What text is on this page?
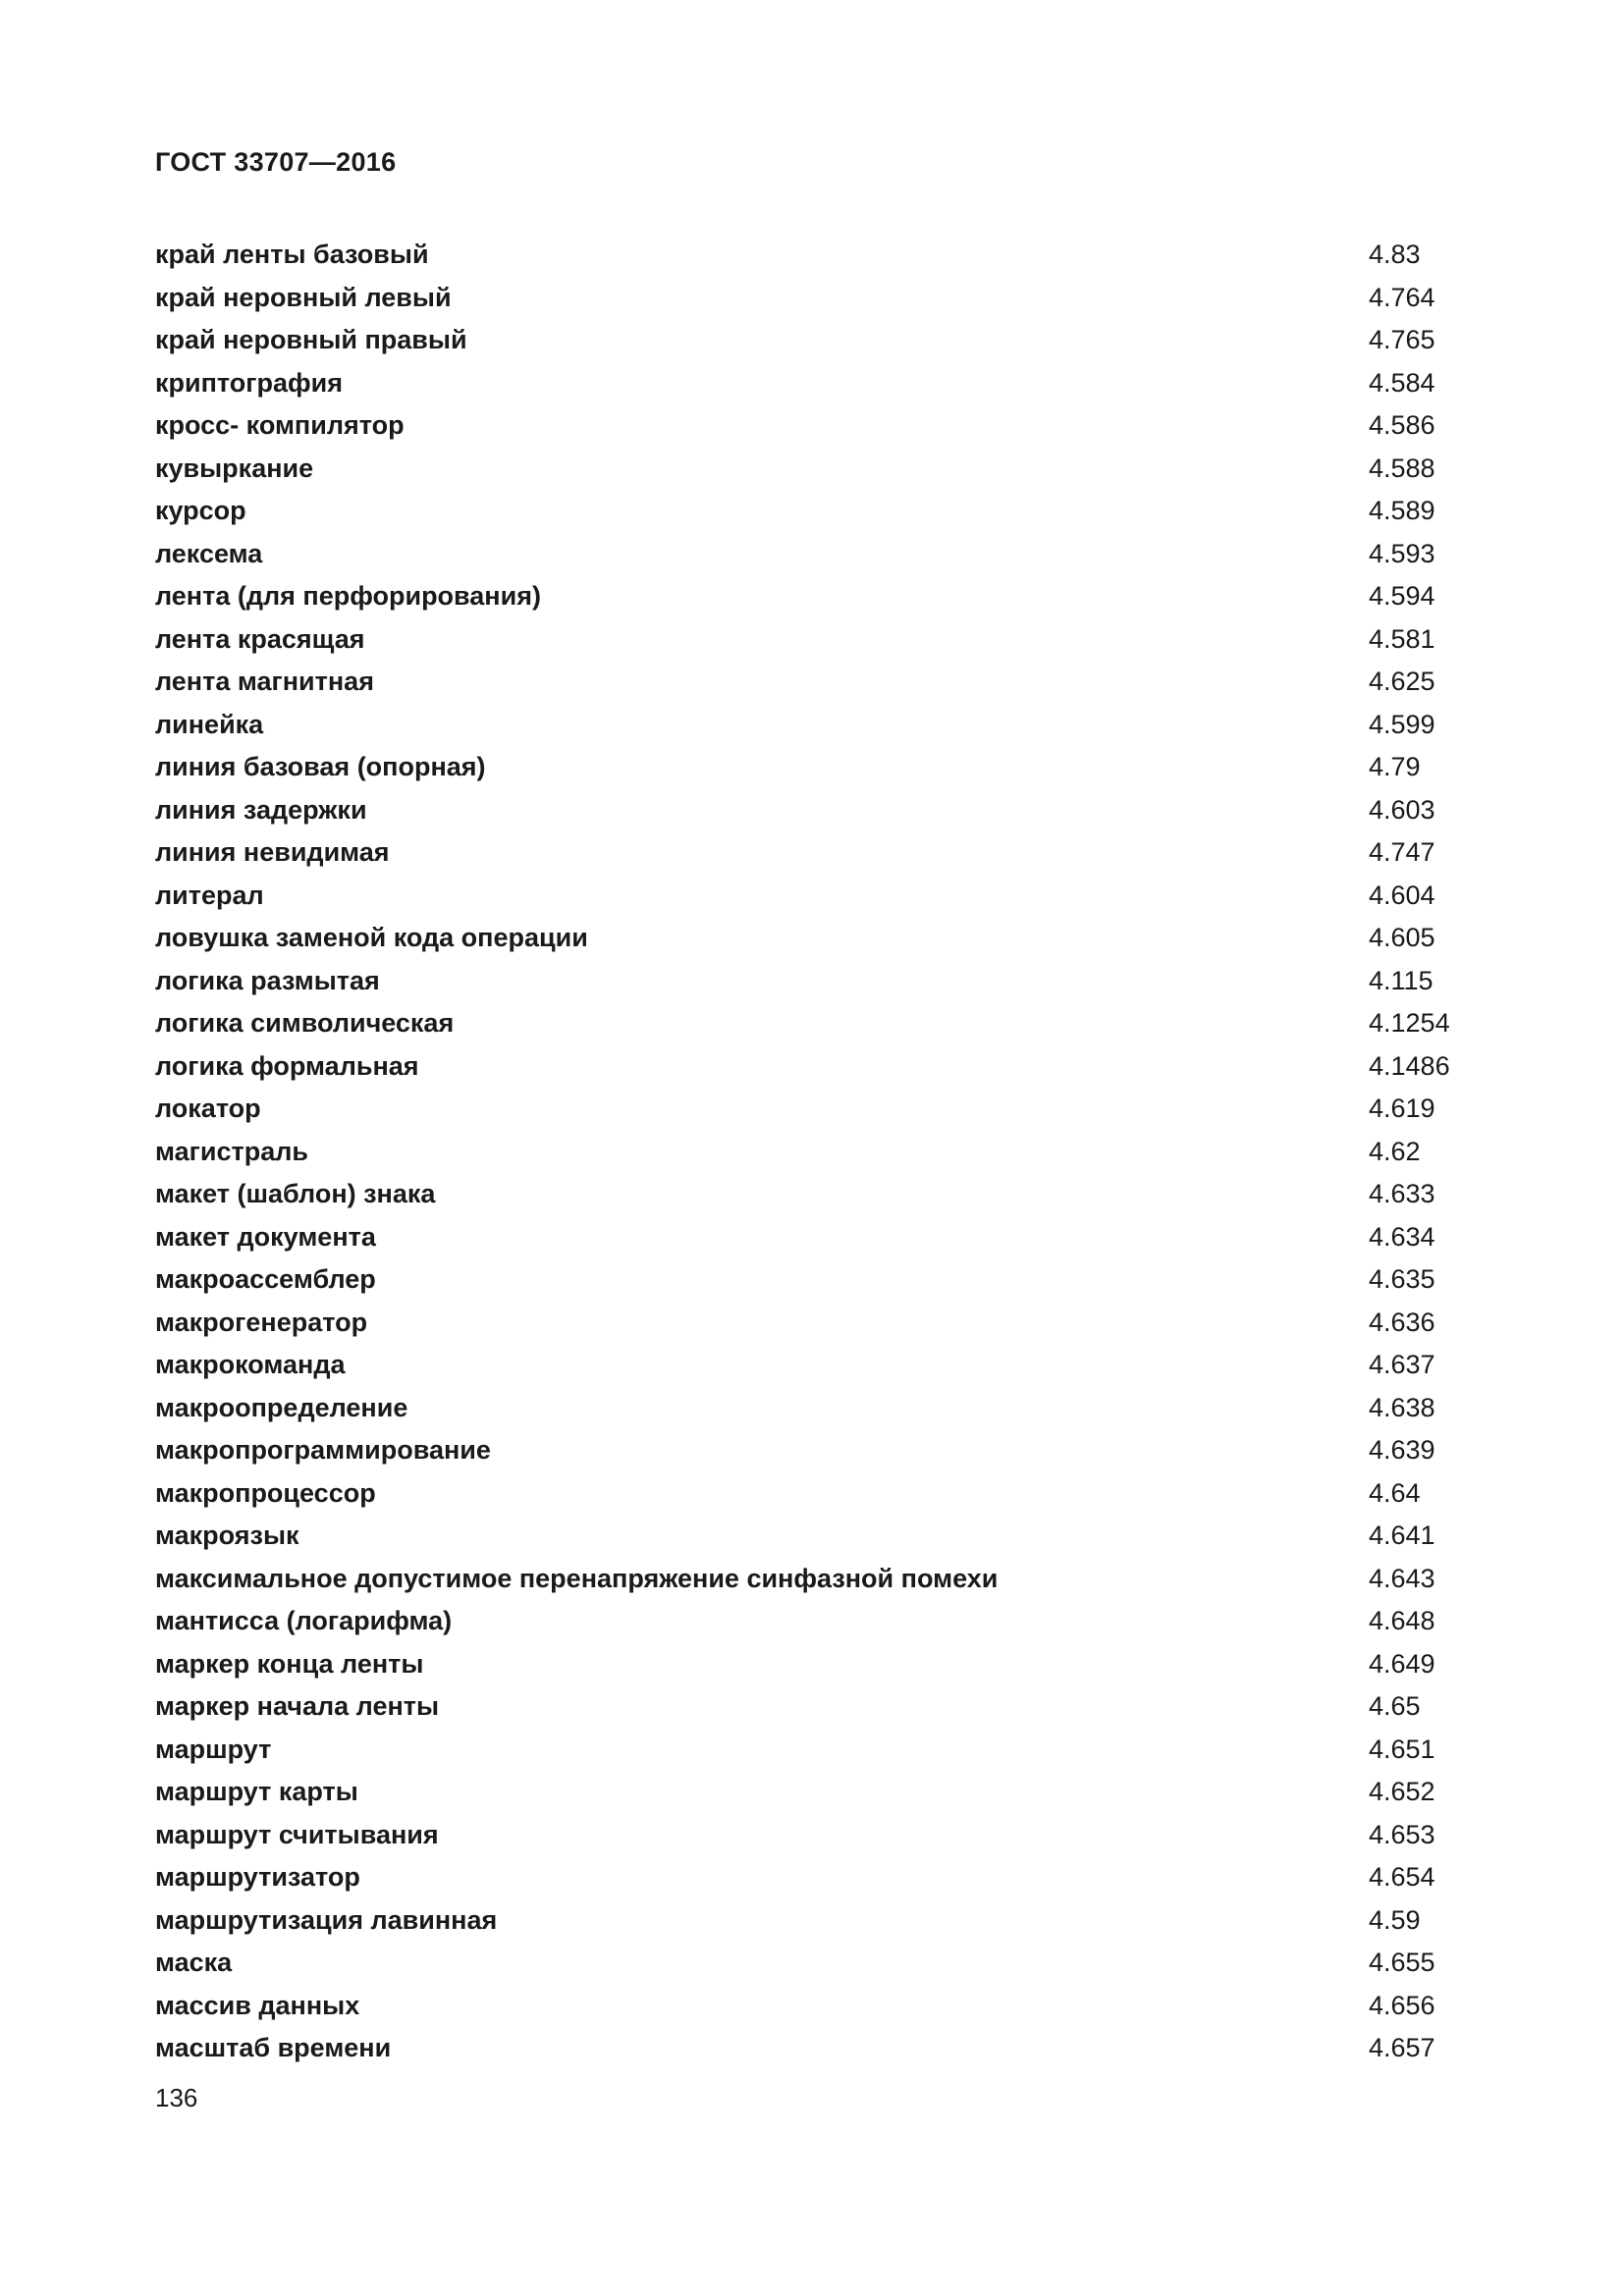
ГОСТ 33707—2016
край ленты базовый	4.83
край неровный левый	4.764
край неровный правый	4.765
криптография	4.584
кросс- компилятор	4.586
кувыркание	4.588
курсор	4.589
лексема	4.593
лента (для перфорирования)	4.594
лента красящая	4.581
лента магнитная	4.625
линейка	4.599
линия базовая (опорная)	4.79
линия задержки	4.603
линия невидимая	4.747
литерал	4.604
ловушка заменой кода операции	4.605
логика размытая	4.115
логика символическая	4.1254
логика формальная	4.1486
локатор	4.619
магистраль	4.62
макет (шаблон) знака	4.633
макет документа	4.634
макроассемблер	4.635
макрогенератор	4.636
макрокоманда	4.637
макроопределение	4.638
макропрограммирование	4.639
макропроцессор	4.64
макроязык	4.641
максимальное допустимое перенапряжение синфазной помехи	4.643
мантисса (логарифма)	4.648
маркер конца ленты	4.649
маркер начала ленты	4.65
маршрут	4.651
маршрут карты	4.652
маршрут считывания	4.653
маршрутизатор	4.654
маршрутизация лавинная	4.59
маска	4.655
массив данных	4.656
масштаб времени	4.657
136
